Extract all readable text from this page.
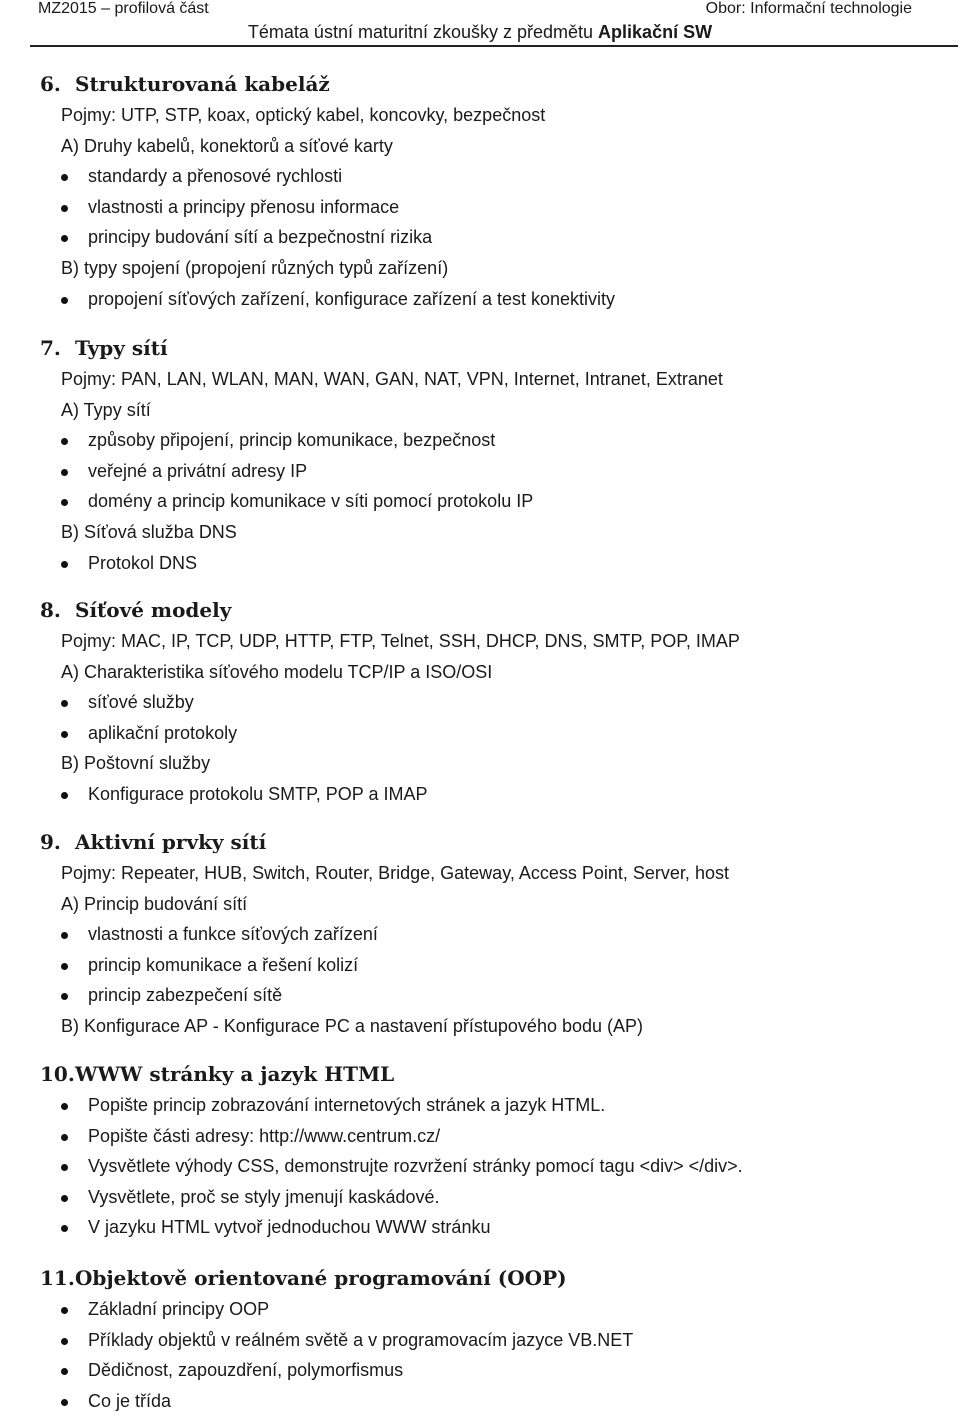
MZ2015 – profilová část	Obor: Informační technologie
Témata ústní maturitní zkoušky z předmětu Aplikační SW
6. Strukturovaná kabeláž
Pojmy: UTP, STP, koax, optický kabel, koncovky, bezpečnost
A) Druhy kabelů, konektorů a síťové karty
standardy a přenosové rychlosti
vlastnosti a principy přenosu informace
principy budování sítí a bezpečnostní rizika
B) typy spojení (propojení různých typů zařízení)
propojení síťových zařízení, konfigurace zařízení a test konektivity
7. Typy sítí
Pojmy: PAN, LAN, WLAN, MAN, WAN, GAN, NAT, VPN, Internet, Intranet, Extranet
A) Typy sítí
způsoby připojení, princip komunikace, bezpečnost
veřejné a privátní adresy IP
domény a princip komunikace v síti pomocí protokolu IP
B) Síťová služba DNS
Protokol DNS
8. Síťové modely
Pojmy: MAC, IP, TCP, UDP, HTTP, FTP, Telnet, SSH, DHCP, DNS, SMTP, POP, IMAP
A) Charakteristika síťového modelu TCP/IP a ISO/OSI
síťové služby
aplikační protokoly
B) Poštovní služby
Konfigurace protokolu SMTP, POP a IMAP
9. Aktivní prvky sítí
Pojmy: Repeater, HUB, Switch, Router, Bridge, Gateway, Access Point, Server, host
A) Princip budování sítí
vlastnosti a funkce síťových zařízení
princip komunikace a řešení kolizí
princip zabezpečení sítě
B) Konfigurace AP - Konfigurace PC a nastavení přístupového bodu (AP)
10.WWW stránky a jazyk HTML
Popište princip zobrazování internetových stránek a jazyk HTML.
Popište části adresy: http://www.centrum.cz/
Vysvětlete výhody CSS, demonstrujte rozvržení stránky pomocí tagu <div> </div>.
Vysvětlete, proč se styly jmenují kaskádové.
V jazyku HTML vytvoř jednoduchou WWW stránku
11.Objektově orientované programování (OOP)
Základní principy OOP
Příklady objektů v reálném světě a v programovacím jazyce VB.NET
Dědičnost, zapouzdření, polymorfismus
Co je třída
